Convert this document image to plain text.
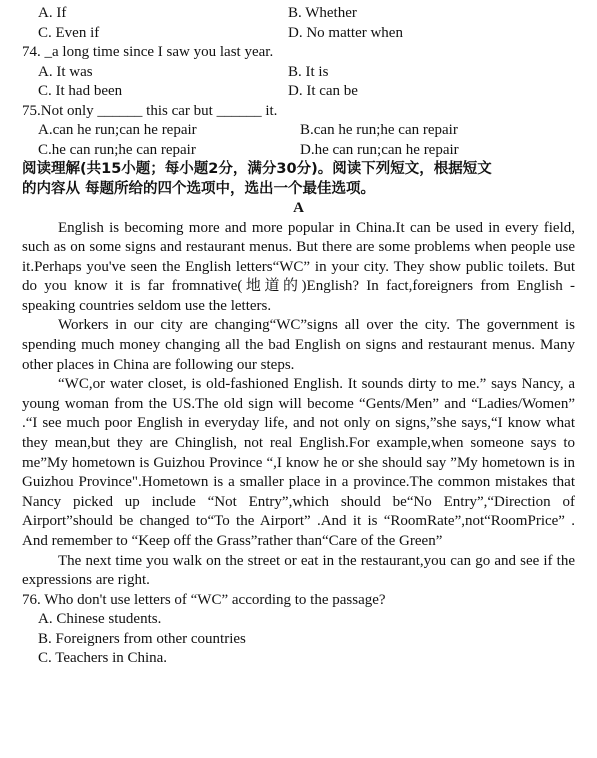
A. If	B. Whether
C. Even if	D. No matter when
74. _a long time since I saw you last year.
A. It was	B. It is
C. It had been	D. It can be
75.Not only ______ this car but ______ it.
A.can he run;can he repair	B.can he run;he can repair
C.he can run;he can repair	D.he can run;can he repair
阅读理解(共15小题；每小题2分，满分30分)。阅读下列短文，根据短文
的内容从 每题所给的四个选项中，选出一个最佳选项。
A

English is becoming more and more popular in China.It can be used in every field, such as on some signs and restaurant menus. But there are some problems when people use it.Perhaps you've seen the English letters“WC” in your city. They show public toilets. But do you know it is far fromnative(地道的)English? In fact,foreigners from English -speaking countries seldom use the letters.

Workers in our city are changing“WC”signs all over the city. The government is spending much money changing all the bad English on signs and restaurant menus. Many other places in China are following our steps.

“WC,or water closet, is old-fashioned English. It sounds dirty to me.” says Nancy, a young woman from the US.The old sign will become “Gents/Men” and “Ladies/Women” .“I see much poor English in everyday life, and not only on signs,”she says,“I know what they mean,but they are Chinglish, not real English.For example,when someone says to me”My hometown is Guizhou Province “,I know he or she should say ”My hometown is in Guizhou Province".Hometown is a smaller place in a province.The common mistakes that Nancy picked up include “Not Entry”,which should be“No Entry”,“Direction of Airport”should be changed to“To the Airport” .And it is “RoomRate”,not“RoomPrice” . And remember to “Keep off the Grass”rather than“Care of the Green”

The next time you walk on the street or eat in the restaurant,you can go and see if the expressions are right.

76. Who don't use letters of “WC” according to the passage?
A. Chinese students.
B. Foreigners from other countries
C. Teachers in China.
